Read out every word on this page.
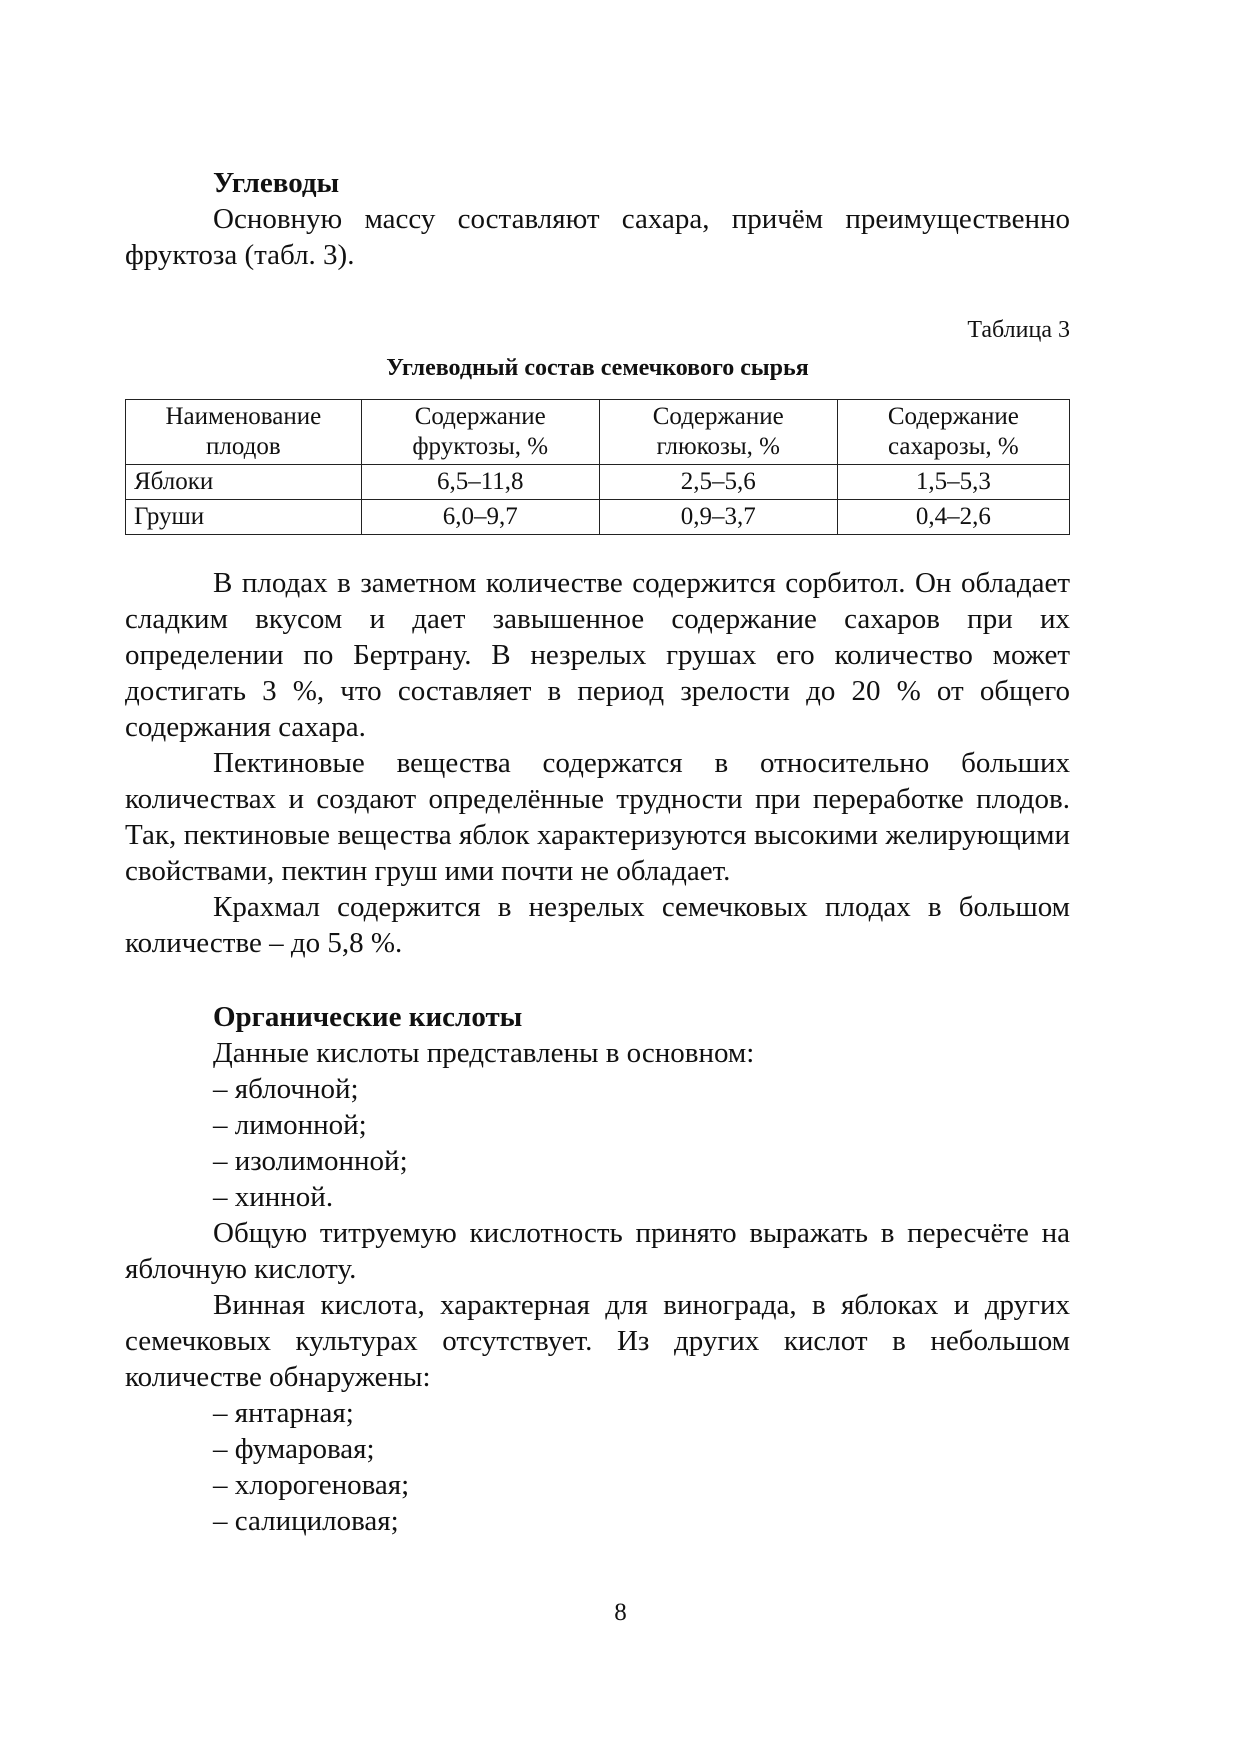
Углеводы

Основную массу составляют сахара, причём преимущественно фруктоза (табл. 3).

Таблица 3
Углеводный состав семечкового сырья
Наименование плодов	Содержание фруктозы, %	Содержание глюкозы, %	Содержание сахарозы, %
Яблоки	6,5–11,8	2,5–5,6	1,5–5,3
Груши	6,0–9,7	0,9–3,7	0,4–2,6

В плодах в заметном количестве содержится сорбитол. Он обладает сладким вкусом и дает завышенное содержание сахаров при их определении по Бертрану. В незрелых грушах его количество может достигать 3 %, что составляет в период зрелости до 20 % от общего содержания сахара.

Пектиновые вещества содержатся в относительно больших количествах и создают определённые трудности при переработке плодов. Так, пектиновые вещества яблок характеризуются высокими желирующими свойствами, пектин груш ими почти не обладает.

Крахмал содержится в незрелых семечковых плодах в большом количестве – до 5,8 %.

Органические кислоты

Данные кислоты представлены в основном:

– яблочной;

– лимонной;

– изолимонной;

– хинной.

Общую титруемую кислотность принято выражать в пересчёте на яблочную кислоту.

Винная кислота, характерная для винограда, в яблоках и других семечковых культурах отсутствует. Из других кислот в небольшом количестве обнаружены:

– янтарная;

– фумаровая;

– хлорогеновая;

– салициловая;

8
